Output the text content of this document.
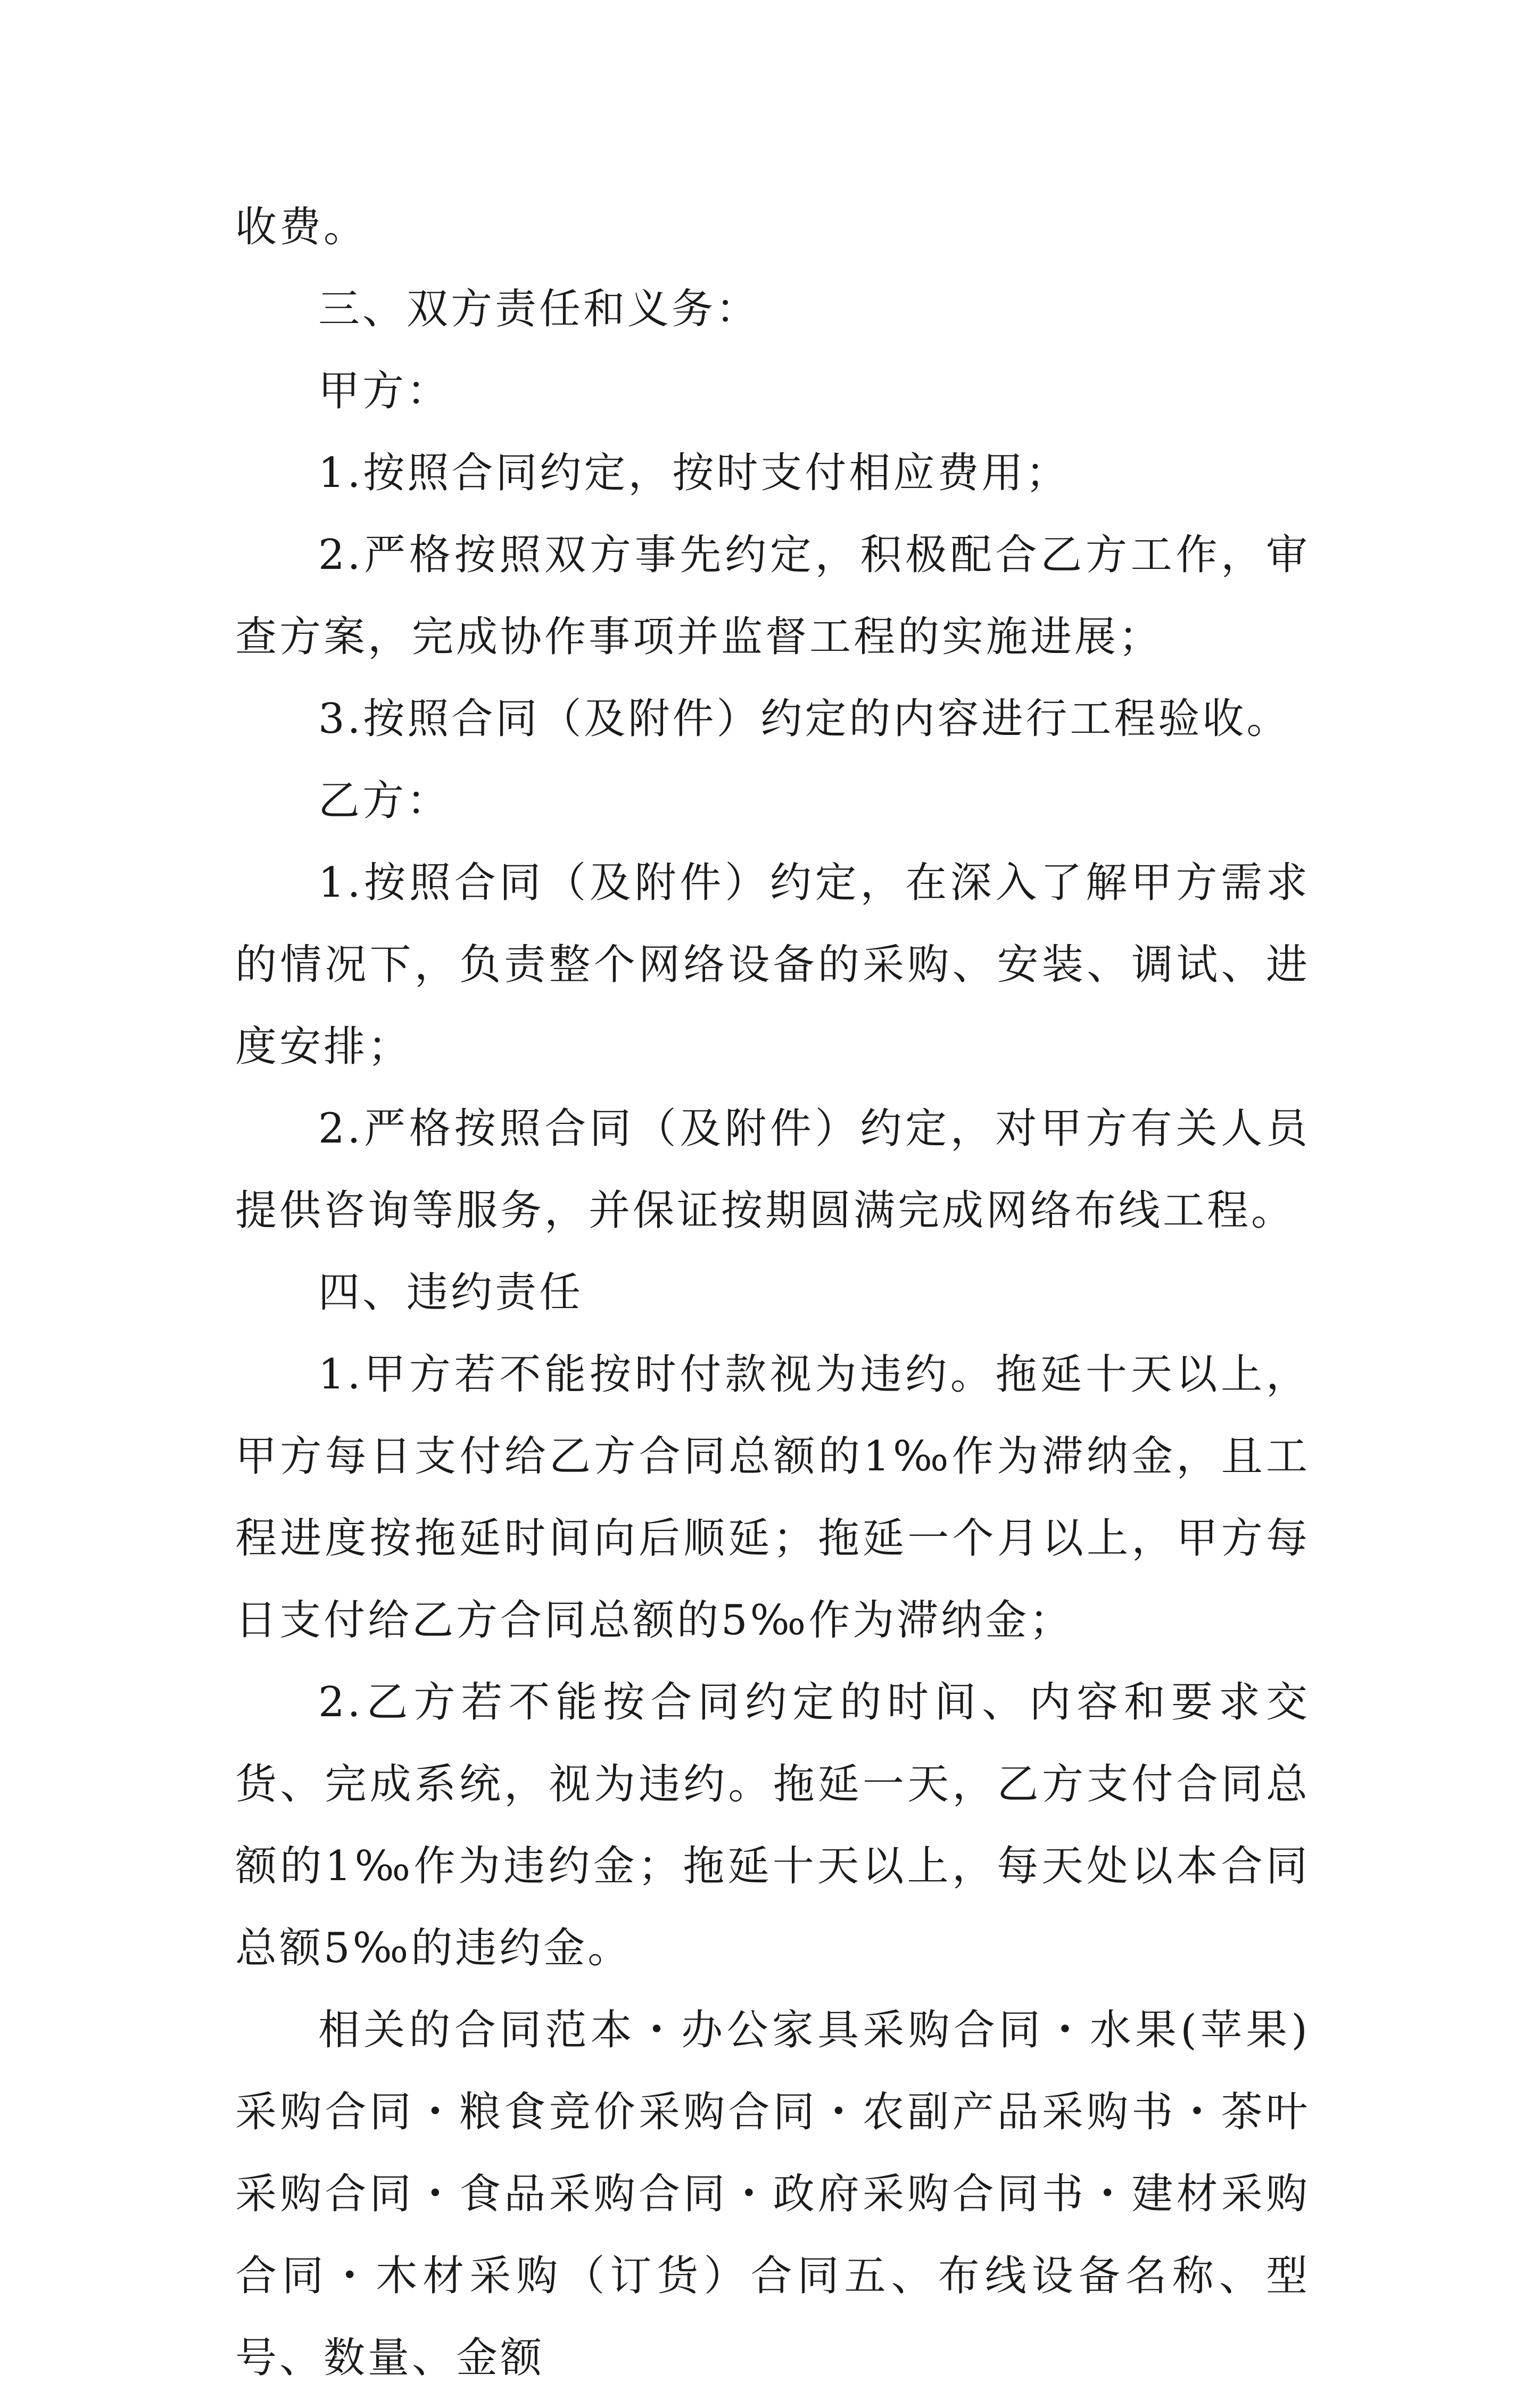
收费。

三、双方责任和义务：

甲方：

1.按照合同约定，按时支付相应费用；

2.严格按照双方事先约定，积极配合乙方工作，审查方案，完成协作事项并监督工程的实施进展；

3.按照合同（及附件）约定的内容进行工程验收。

乙方：

1.按照合同（及附件）约定，在深入了解甲方需求的情况下，负责整个网络设备的采购、安装、调试、进度安排；

2.严格按照合同（及附件）约定，对甲方有关人员提供咨询等服务，并保证按期圆满完成网络布线工程。

四、违约责任

1.甲方若不能按时付款视为违约。拖延十天以上，甲方每日支付给乙方合同总额的1‰作为滞纳金，且工程进度按拖延时间向后顺延；拖延一个月以上，甲方每日支付给乙方合同总额的5‰作为滞纳金；

2.乙方若不能按合同约定的时间、内容和要求交货、完成系统，视为违约。拖延一天，乙方支付合同总额的1‰作为违约金；拖延十天以上，每天处以本合同总额5‰的违约金。

相关的合同范本・办公家具采购合同・水果(苹果)采购合同・粮食竞价采购合同・农副产品采购书・茶叶采购合同・食品采购合同・政府采购合同书・建材采购合同・木材采购（订货）合同五、布线设备名称、型号、数量、金额
